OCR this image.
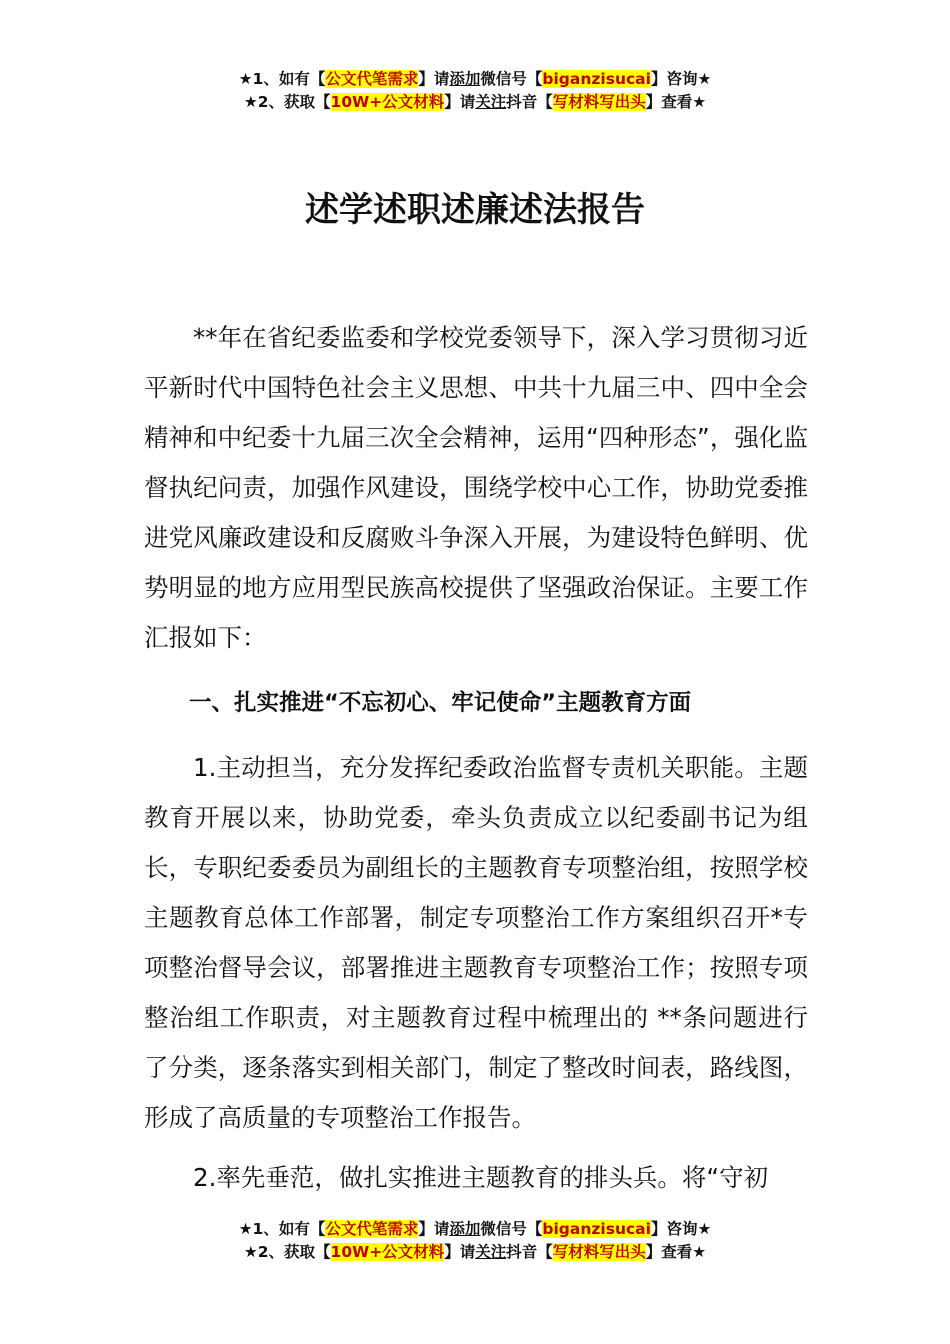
★1、如有【公文代笔需求】请添加微信号【biganzisucai】咨询★
★2、获取【10W+公文材料】请关注抖音【写材料写出头】查看★
述学述职述廉述法报告

**年在省纪委监委和学校党委领导下，深入学习贯彻习近平新时代中国特色社会主义思想、中共十九届三中、四中全会精神和中纪委十九届三次全会精神，运用“四种形态”，强化监督执纪问责，加强作风建设，围绕学校中心工作，协助党委推进党风廉政建设和反腐败斗争深入开展，为建设特色鲜明、优势明显的地方应用型民族高校提供了坚强政治保证。主要工作汇报如下：

一、扎实推进“不忘初心、牢记使命”主题教育方面

1.主动担当，充分发挥纪委政治监督专责机关职能。主题教育开展以来，协助党委，牵头负责成立以纪委副书记为组长，专职纪委委员为副组长的主题教育专项整治组，按照学校主题教育总体工作部署，制定专项整治工作方案组织召开*专项整治督导会议，部署推进主题教育专项整治工作；按照专项整治组工作职责，对主题教育过程中梳理出的 **条问题进行了分类，逐条落实到相关部门，制定了整改时间表，路线图，形成了高质量的专项整治工作报告。

2.率先垂范，做扎实推进主题教育的排头兵。将“守初

★1、如有【公文代笔需求】请添加微信号【biganzisucai】咨询★
★2、获取【10W+公文材料】请关注抖音【写材料写出头】查看★
